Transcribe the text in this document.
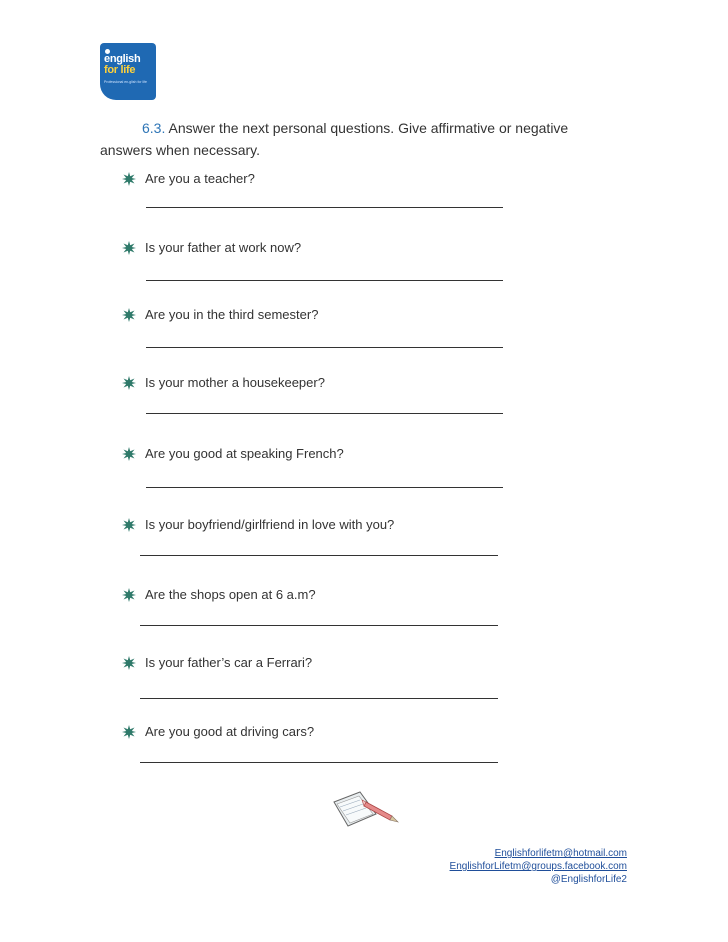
english
for life
Professional en-glish for life
6.3. Answer the next personal questions. Give affirmative or negative answers when necessary.
Are you a teacher?
Is your father at work now?
Are you in the third semester?
Is your mother a housekeeper?
Are you good at speaking French?
Is your boyfriend/girlfriend in love with you?
Are the shops open at 6 a.m?
Is your father’s car a Ferrari?
Are you good at driving cars?
Englishforlifetm@hotmail.com
EnglishforLifetm@groups.facebook.com
@EnglishforLife2
